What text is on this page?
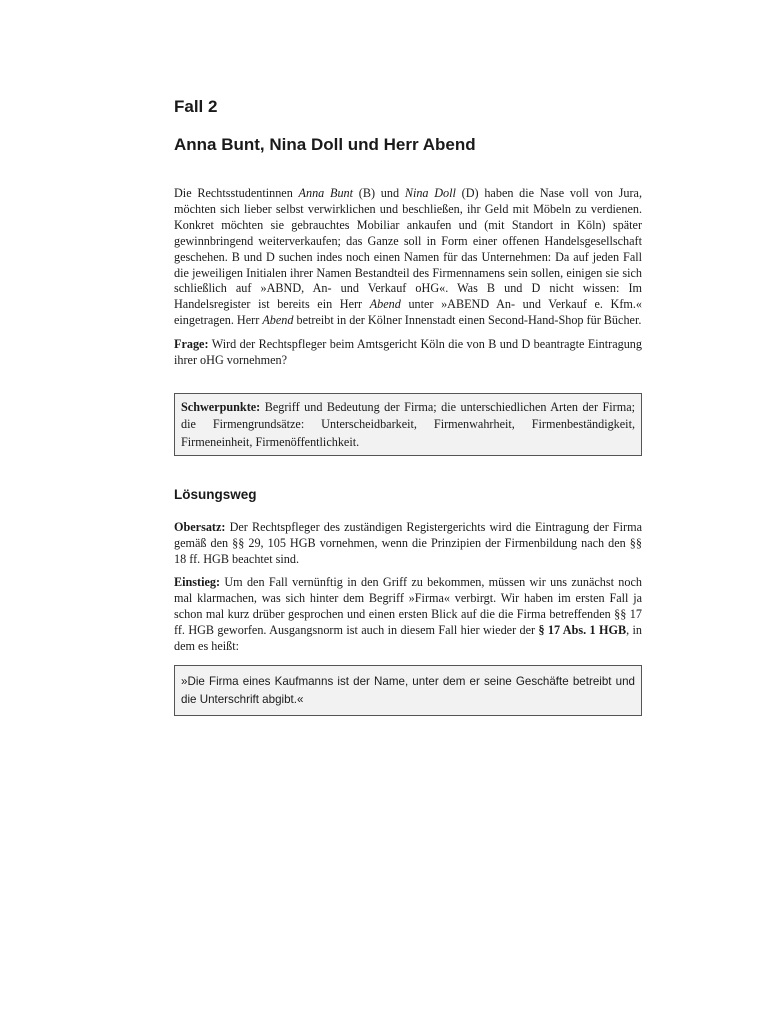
Fall 2
Anna Bunt, Nina Doll und Herr Abend

Die Rechtsstudentinnen Anna Bunt (B) und Nina Doll (D) haben die Nase voll von Jura, möchten sich lieber selbst verwirklichen und beschließen, ihr Geld mit Möbeln zu verdienen. Konkret möchten sie gebrauchtes Mobiliar ankaufen und (mit Standort in Köln) später gewinnbringend weiterverkaufen; das Ganze soll in Form einer offenen Handelsgesellschaft geschehen. B und D suchen indes noch einen Namen für das Unternehmen: Da auf jeden Fall die jeweiligen Initialen ihrer Namen Bestandteil des Firmennamens sein sollen, einigen sie sich schließlich auf »ABND, An- und Verkauf oHG«. Was B und D nicht wissen: Im Handelsregister ist bereits ein Herr Abend unter »ABEND An- und Verkauf e. Kfm.« eingetragen. Herr Abend betreibt in der Kölner Innenstadt einen Second-Hand-Shop für Bücher.

Frage: Wird der Rechtspfleger beim Amtsgericht Köln die von B und D beantragte Eintragung ihrer oHG vornehmen?

Schwerpunkte: Begriff und Bedeutung der Firma; die unterschiedlichen Arten der Firma; die Firmengrundsätze: Unterscheidbarkeit, Firmenwahrheit, Firmenbeständigkeit, Firmeneinheit, Firmenöffentlichkeit.

Lösungsweg

Obersatz: Der Rechtspfleger des zuständigen Registergerichts wird die Eintragung der Firma gemäß den §§ 29, 105 HGB vornehmen, wenn die Prinzipien der Firmenbildung nach den §§ 18 ff. HGB beachtet sind.

Einstieg: Um den Fall vernünftig in den Griff zu bekommen, müssen wir uns zunächst noch mal klarmachen, was sich hinter dem Begriff »Firma« verbirgt. Wir haben im ersten Fall ja schon mal kurz drüber gesprochen und einen ersten Blick auf die die Firma betreffenden §§ 17 ff. HGB geworfen. Ausgangsnorm ist auch in diesem Fall hier wieder der § 17 Abs. 1 HGB, in dem es heißt:

»Die Firma eines Kaufmanns ist der Name, unter dem er seine Geschäfte betreibt und die Unterschrift abgibt.«
